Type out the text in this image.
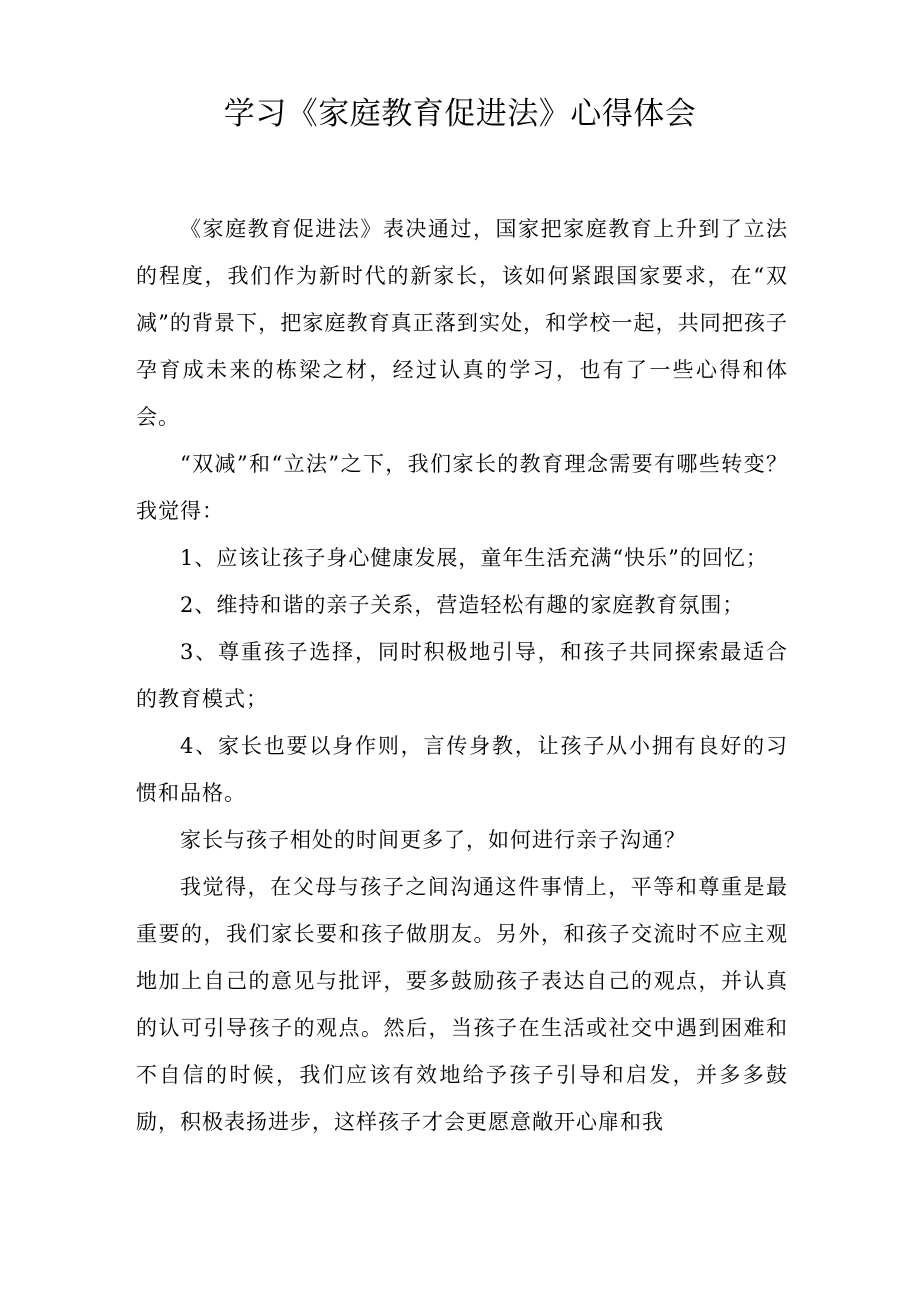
学习《家庭教育促进法》心得体会

《家庭教育促进法》表决通过，国家把家庭教育上升到了立法的程度，我们作为新时代的新家长，该如何紧跟国家要求，在“双减”的背景下，把家庭教育真正落到实处，和学校一起，共同把孩子孕育成未来的栋梁之材，经过认真的学习，也有了一些心得和体会。

“双减”和“立法”之下，我们家长的教育理念需要有哪些转变？我觉得：

1、应该让孩子身心健康发展，童年生活充满“快乐”的回忆；

2、维持和谐的亲子关系，营造轻松有趣的家庭教育氛围；

3、尊重孩子选择，同时积极地引导，和孩子共同探索最适合的教育模式；

4、家长也要以身作则，言传身教，让孩子从小拥有良好的习惯和品格。

家长与孩子相处的时间更多了，如何进行亲子沟通？

我觉得，在父母与孩子之间沟通这件事情上，平等和尊重是最重要的，我们家长要和孩子做朋友。另外，和孩子交流时不应主观地加上自己的意见与批评，要多鼓励孩子表达自己的观点，并认真的认可引导孩子的观点。然后，当孩子在生活或社交中遇到困难和不自信的时候，我们应该有效地给予孩子引导和启发，并多多鼓励，积极表扬进步，这样孩子才会更愿意敞开心扉和我
